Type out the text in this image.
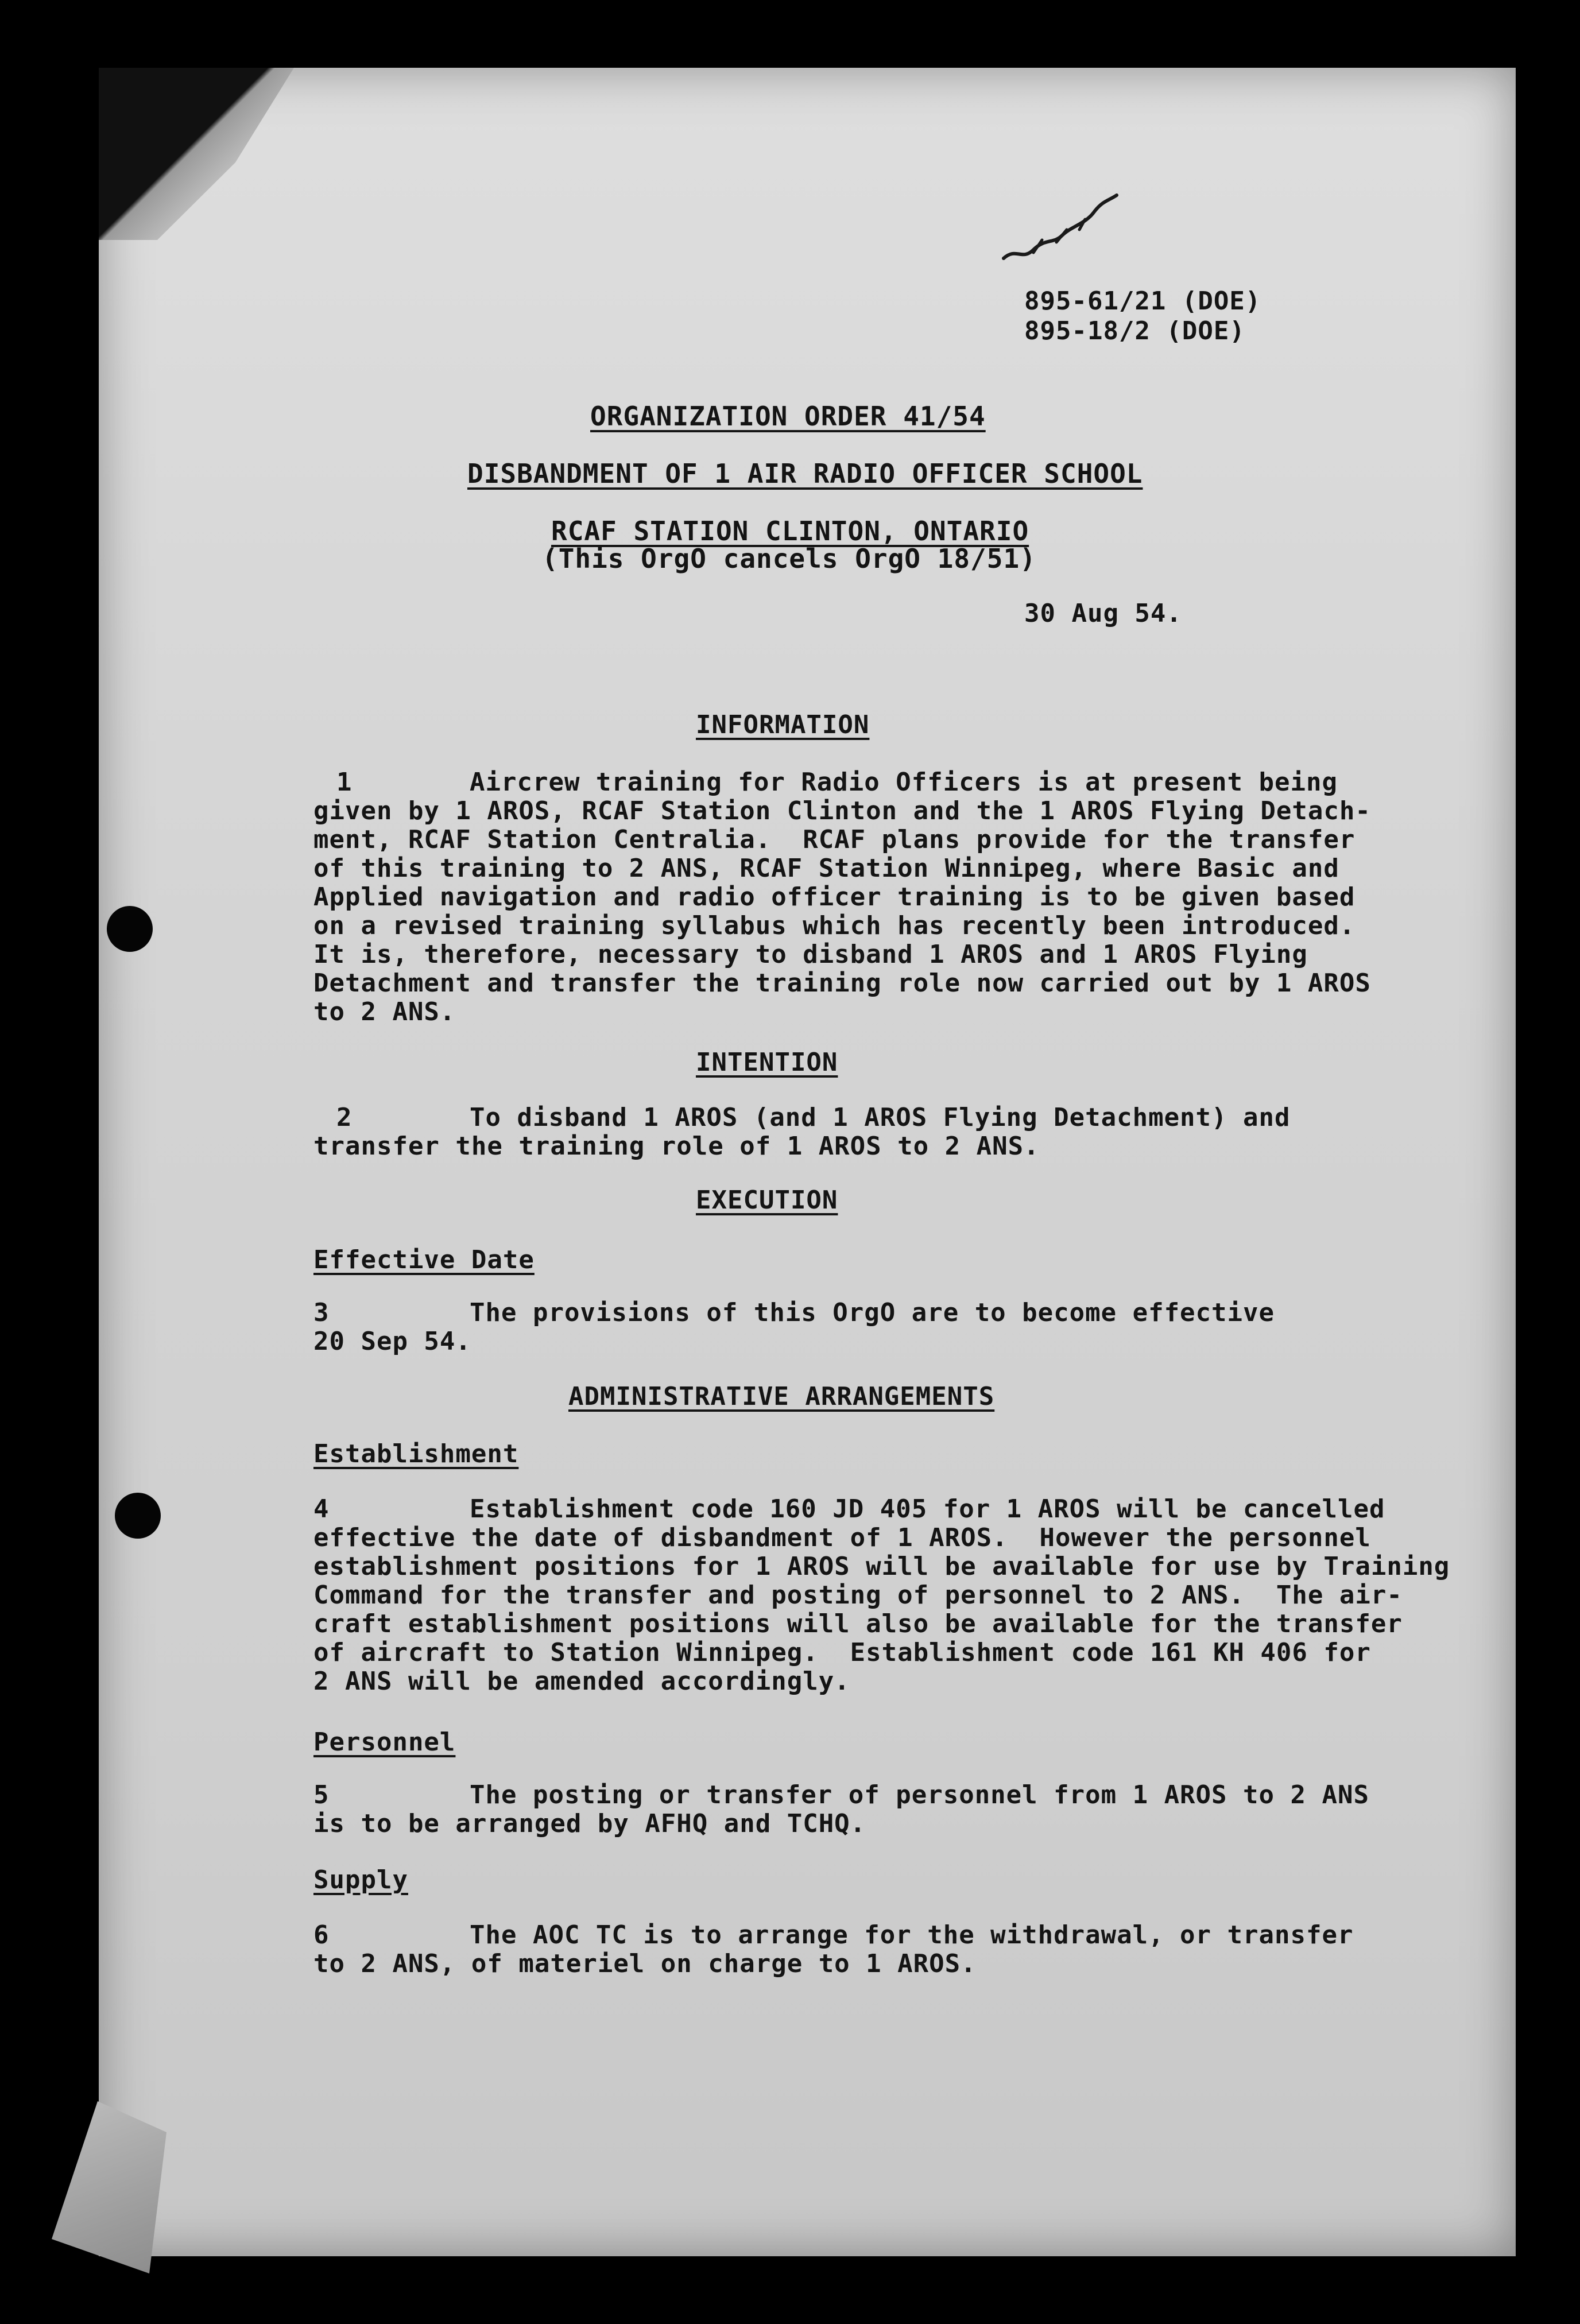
895-61/21 (DOE)

895-18/2 (DOE)

ORGANIZATION ORDER 41/54

DISBANDMENT OF 1 AIR RADIO OFFICER SCHOOL

RCAF STATION CLINTON, ONTARIO

(This OrgO cancels OrgO 18/51)

30 Aug 54.

INFORMATION

1	Aircrew training for Radio Officers is at present being

given by 1 AROS, RCAF Station Clinton and the 1 AROS Flying Detach-

ment, RCAF Station Centralia.  RCAF plans provide for the transfer

of this training to 2 ANS, RCAF Station Winnipeg, where Basic and

Applied navigation and radio officer training is to be given based

on a revised training syllabus which has recently been introduced.

It is, therefore, necessary to disband 1 AROS and 1 AROS Flying

Detachment and transfer the training role now carried out by 1 AROS

to 2 ANS.

INTENTION

2	To disband 1 AROS (and 1 AROS Flying Detachment) and

transfer the training role of 1 AROS to 2 ANS.

EXECUTION

Effective Date

3	The provisions of this OrgO are to become effective

20 Sep 54.

ADMINISTRATIVE ARRANGEMENTS

Establishment

4	Establishment code 160 JD 405 for 1 AROS will be cancelled

effective the date of disbandment of 1 AROS.  However the personnel

establishment positions for 1 AROS will be available for use by Training

Command for the transfer and posting of personnel to 2 ANS.  The air-

craft establishment positions will also be available for the transfer

of aircraft to Station Winnipeg.  Establishment code 161 KH 406 for

2 ANS will be amended accordingly.

Personnel

5	The posting or transfer of personnel from 1 AROS to 2 ANS

is to be arranged by AFHQ and TCHQ.

Supply

6	The AOC TC is to arrange for the withdrawal, or transfer

to 2 ANS, of materiel on charge to 1 AROS.
